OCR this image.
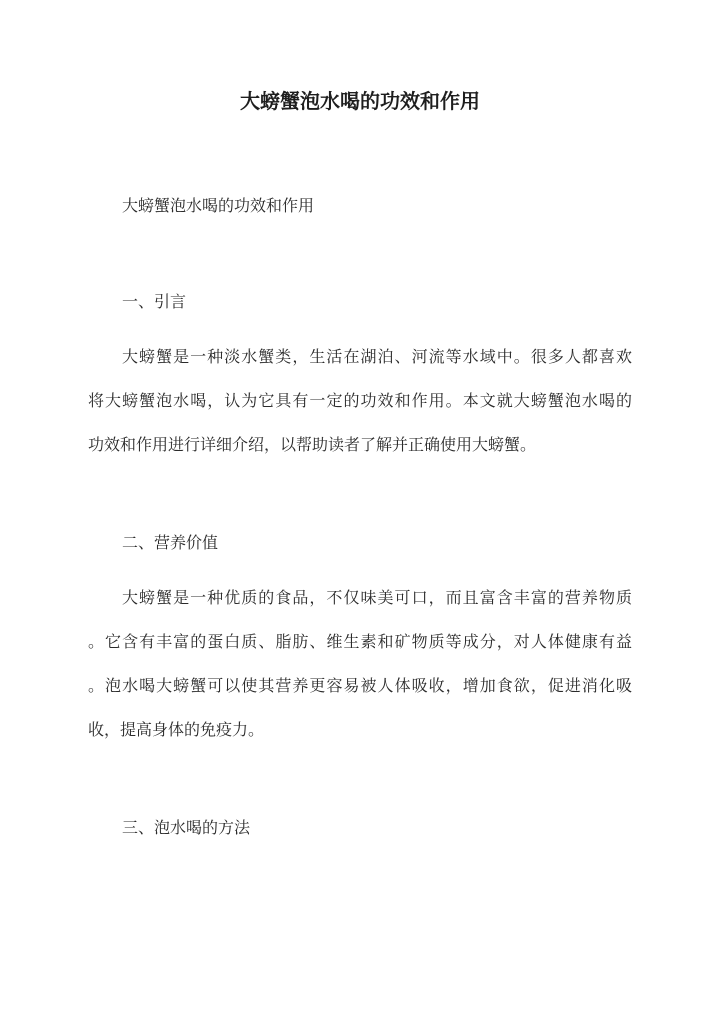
大螃蟹泡水喝的功效和作用

大螃蟹泡水喝的功效和作用

一、引言

大螃蟹是一种淡水蟹类，生活在湖泊、河流等水域中。很多人都喜欢
将大螃蟹泡水喝，认为它具有一定的功效和作用。本文就大螃蟹泡水喝的
功效和作用进行详细介绍，以帮助读者了解并正确使用大螃蟹。

二、营养价值

大螃蟹是一种优质的食品，不仅味美可口，而且富含丰富的营养物质
。它含有丰富的蛋白质、脂肪、维生素和矿物质等成分，对人体健康有益
。泡水喝大螃蟹可以使其营养更容易被人体吸收，增加食欲，促进消化吸
收，提高身体的免疫力。

三、泡水喝的方法
